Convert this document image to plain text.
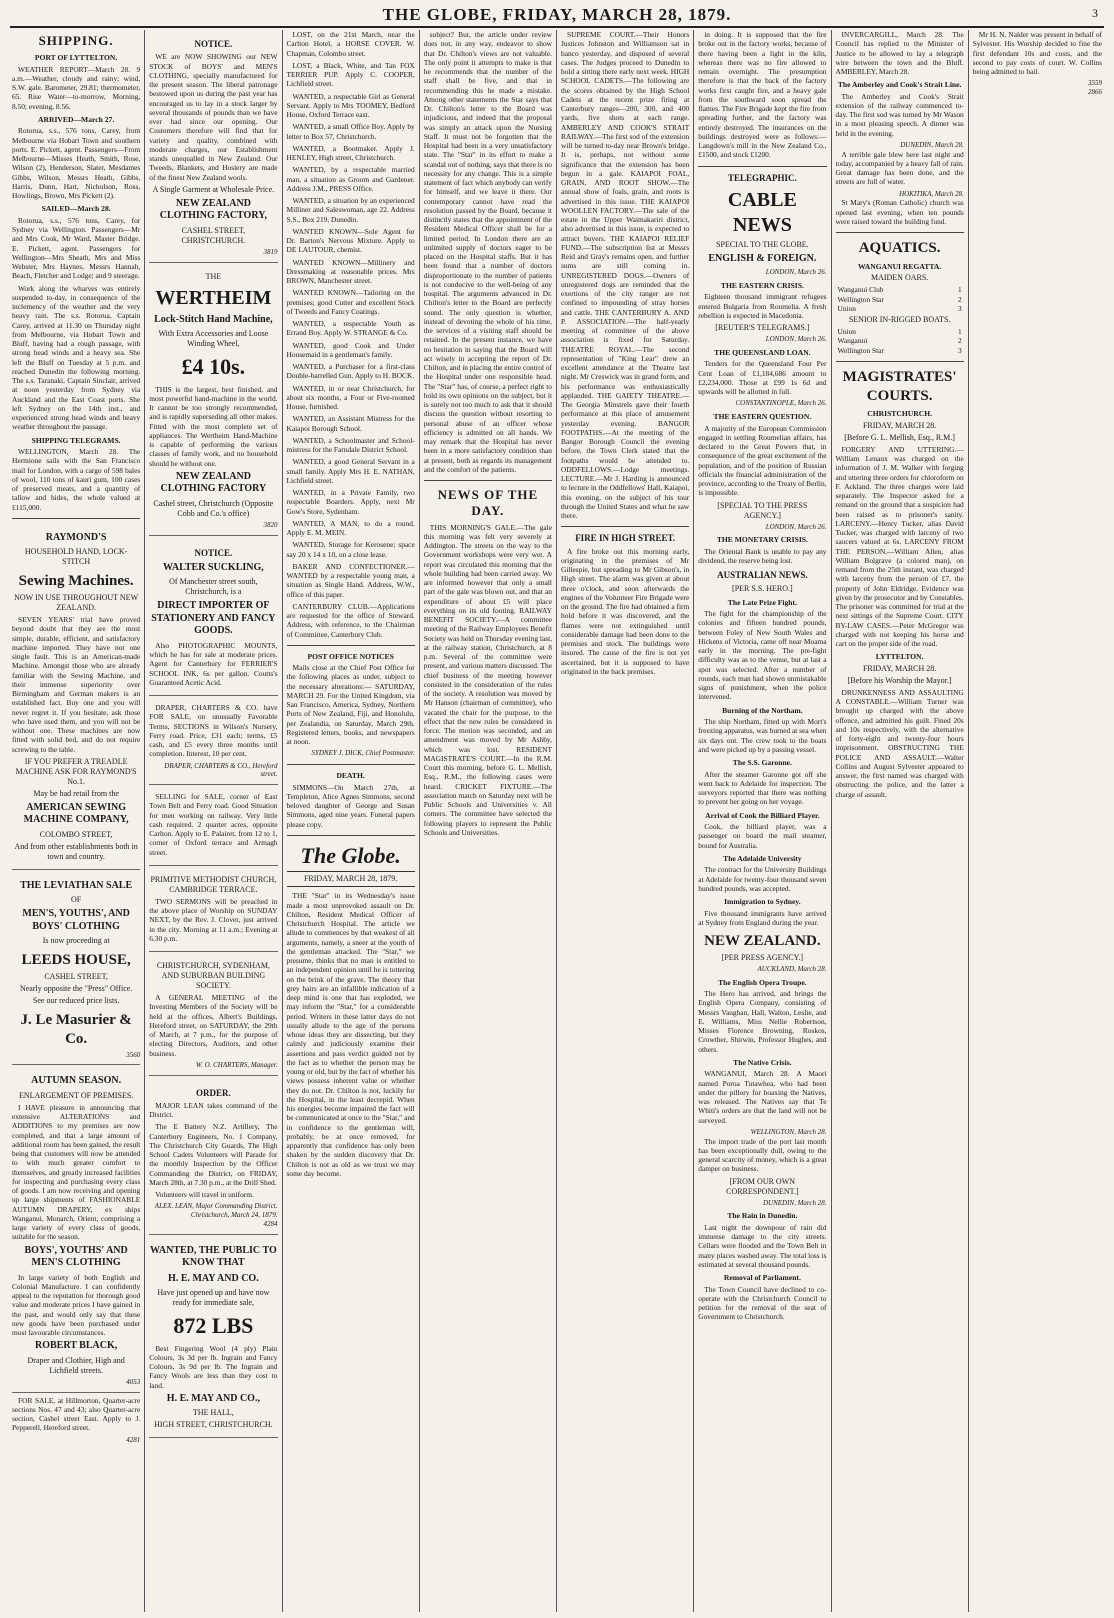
THE GLOBE, FRIDAY, MARCH 28, 1879.	3
SHIPPING.
PORT OF LYTTELTON.

WEATHER REPORT—March 28. 9 a.m.—Weather, cloudy and rainy; wind, S.W. gale. Barometer, 29.81; thermometer, 65. Rise Water—to-morrow, Morning, 8.50; evening, 8.56.

ARRIVED—March 27.

Rotorua, s.s., 576 tons, Carey, from Melbourne via Hobart Town and southern ports. E. Pickett, agent. Passengers—From Melbourne—Misses Heath, Smith, Rose, Wilson (2), Henderson, Slater, Mesdames Gibbs, Wilson, Messrs Heath, Gibbs, Harris, Dunn, Hart, Nicholson, Ross, Howlings, Brown, Mrs Pickett (2).

SAILED—March 28.

Rotorua, s.s., 576 tons, Carey, for Sydney via Wellington. Passengers—Mr and Mrs Cook, Mr Ward, Master Bridge. E. Pickett, agent. Passengers for Wellington—Mrs Sheath, Mrs and Miss Webster, Mrs Haynes, Messrs Hannah, Beach, Fletcher and Lodge; and 9 steerage.

Work along the wharves was entirely suspended to-day, in consequence of the inclemency of the weather and the very heavy rain. The s.s. Rotorua, Captain Carey, arrived at 11.30 on Thursday night from Melbourne, via Hobart Town and Bluff, having had a rough passage, with strong head winds and a heavy sea. She left the Bluff on Tuesday at 5 p.m. and reached Dunedin the following morning. The s.s. Taranaki, Captain Sinclair, arrived at noon yesterday from Sydney via Auckland and the East Coast ports. She left Sydney on the 14th inst., and experienced strong head winds and heavy weather throughout the passage.

SHIPPING TELEGRAMS.

WELLINGTON, March 28. The Hermione sails with the San Francisco mail for London, with a cargo of 598 bales of wool, 110 tons of kauri gum, 100 cases of preserved meats, and a quantity of tallow and hides, the whole valued at £115,000.

RAYMOND'S
HOUSEHOLD HAND, LOCK-STITCH
Sewing Machines.
NOW IN USE THROUGHOUT NEW ZEALAND.

SEVEN YEARS' trial have proved beyond doubt that they are the most simple, durable, efficient, and satisfactory machine imported. They have not one single fault. This is an American-made Machine. Amongst those who are already familiar with the Sewing Machine, and their immense superiority over Birmingham and German makers is an established fact. Buy one and you will never regret it. If you hesitate, ask those who have used them, and you will not be without one. These machines are now fitted with solid bed, and do not require screwing to the table.

IF YOU PREFER A TREADLE MACHINE ASK FOR RAYMOND'S No.1.
May be had retail from the
AMERICAN SEWING MACHINE COMPANY,
COLOMBO STREET,
And from other establishments both in town and country.
THE LEVIATHAN SALE
OF
MEN'S, YOUTHS', AND BOYS' CLOTHING
Is now proceeding at
LEEDS HOUSE,
CASHEL STREET,
Nearly opposite the "Press" Office.
See our reduced price lists.
J. Le Masurier & Co.
3560
AUTUMN SEASON.
ENLARGEMENT OF PREMISES.

I HAVE pleasure in announcing that extensive ALTERATIONS and ADDITIONS to my premises are now completed, and that a large amount of additional room has been gained, the result being that customers will now be attended to with much greater comfort to themselves, and greatly increased facilities for inspecting and purchasing every class of goods. I am now receiving and opening up large shipments of FASHIONABLE AUTUMN DRAPERY, ex ships Wanganui, Monarch, Orient, comprising a large variety of every class of goods, suitable for the season.

BOYS', YOUTHS' AND MEN'S CLOTHING

In large variety of both English and Colonial Manufacture. I can confidently appeal to the reputation for thorough good value and moderate prices I have gained in the past, and would only say that these new goods have been purchased under most favourable circumstances.

ROBERT BLACK,
Draper and Clothier, High and Lichfield streets.
4053

FOR SALE, at Hillmorton, Quarter-acre sections Nos. 47 and 43; also Quarter-acre section, Cashel street East. Apply to J. Pepperell, Hereford street.

4281
NOTICE.

WE are NOW SHOWING our NEW STOCK of BOYS' and MEN'S CLOTHING, specially manufactured for the present season. The liberal patronage bestowed upon us during the past year has encouraged us to lay in a stock larger by several thousands of pounds than we have ever had since our opening. Our Customers therefore will find that for variety and quality, combined with moderate charges, our Establishment stands unequalled in New Zealand. Our Tweeds, Blankets, and Hosiery are made of the finest New Zealand wools.

A Single Garment at Wholesale Price.
NEW ZEALAND CLOTHING FACTORY,
CASHEL STREET, CHRISTCHURCH.
3819
THE
WERTHEIM
Lock-Stitch Hand Machine,
With Extra Accessories and Loose Winding Wheel,
£4 10s.

THIS is the largest, best finished, and most powerful hand-machine in the world. It cannot be too strongly recommended, and is rapidly superseding all other makes. Fitted with the most complete set of appliances. The Wertheim Hand-Machine is capable of performing the various classes of family work, and no household should be without one.

NEW ZEALAND CLOTHING FACTORY
Cashel street, Christchurch (Opposite Cobb and Co.'s office)
3820
NOTICE.
WALTER SUCKLING,
Of Manchester street south, Christchurch, is a
DIRECT IMPORTER OF STATIONERY AND FANCY GOODS.

Also PHOTOGRAPHIC MOUNTS, which he has for sale at moderate prices. Agent for Canterbury for FERRIER'S SCHOOL INK, 6s per gallon. Coutts's Guaranteed Acetic Acid.

DRAPER, CHARTERS & CO. have FOR SALE, on unusually Favorable Terms, SECTIONS in Wilson's Nursery, Ferry road. Price, £31 each; terms, £5 cash, and £5 every three months until completion. Interest, 10 per cent.

DRAPER, CHARTERS & CO., Hereford street.

SELLING for SALE, corner of East Town Belt and Ferry road. Good Situation for men working on railway. Very little cash required. 2 quarter acres, opposite Carlton. Apply to E. Palairet, from 12 to 1, corner of Oxford terrace and Armagh street.

PRIMITIVE METHODIST CHURCH, CAMBRIDGE TERRACE.

TWO SERMONS will be preached in the above place of Worship on SUNDAY NEXT, by the Rev. J. Clover, just arrived in the city. Morning at 11 a.m.; Evening at 6.30 p.m.

CHRISTCHURCH, SYDENHAM, AND SUBURBAN BUILDING SOCIETY.

A GENERAL MEETING of the Investing Members of the Society will be held at the offices, Albert's Buildings, Hereford street, on SATURDAY, the 29th of March, at 7 p.m., for the purpose of electing Directors, Auditors, and other business.

W. O. CHARTERS, Manager.
ORDER.

MAJOR LEAN takes command of the District.

The E Battery N.Z. Artillery, The Canterbury Engineers, No. 1 Company, The Christchurch City Guards, The High School Cadets Volunteers will Parade for the monthly Inspection by the Officer Commanding the District, on FRIDAY, March 28th, at 7.30 p.m., at the Drill Shed.

Volunteers will travel in uniform.

ALEX. LEAN, Major Commanding District. Christchurch, March 24, 1879.
4284
WANTED, THE PUBLIC TO KNOW THAT
H. E. MAY AND CO.
Have just opened up and have now ready for immediate sale,
872 LBS

Best Fingering Wool (4 ply) Plain Colours, 3s 3d per lb. Ingrain and Fancy Colours, 3s 9d per lb. The Ingrain and Fancy Wools are less than they cost to land.

H. E. MAY AND CO.,
THE HALL,
HIGH STREET, CHRISTCHURCH.

LOST, on the 21st March, near the Carlton Hotel, a HORSE COVER. W. Chapman, Colombo street.

LOST, a Black, White, and Tan FOX TERRIER PUP. Apply C. COOPER, Lichfield street.

WANTED, a respectable Girl as General Servant. Apply to Mrs TOOMEY, Bedford House, Oxford Terrace east.

WANTED, a small Office Boy. Apply by letter to Box 57, Christchurch.

WANTED, a Bootmaker. Apply J. HENLEY, High street, Christchurch.

WANTED, by a respectable married man, a situation as Groom and Gardener. Address J.M., PRESS Office.

WANTED, a situation by an experienced Milliner and Saleswoman, age 22. Address S.S., Box 219, Dunedin.

WANTED KNOWN—Sole Agent for Dr. Barton's Nervous Mixture. Apply to DE LAUTOUR, chemist.

WANTED KNOWN—Millinery and Dressmaking at reasonable prices. Mrs BROWN, Manchester street.

WANTED KNOWN—Tailoring on the premises; good Cutter and excellent Stock of Tweeds and Fancy Coatings.

WANTED, a respectable Youth as Errand Boy. Apply W. STRANGE & Co.

WANTED, good Cook and Under Housemaid in a gentleman's family.

WANTED, a Purchaser for a first-class Double-barrelled Gun. Apply to H. BOCK.

WANTED, in or near Christchurch, for about six months, a Four or Five-roomed House, furnished.

WANTED, an Assistant Mistress for the Kaiapoi Borough School.

WANTED, a Schoolmaster and School-mistress for the Farndale District School.

WANTED, a good General Servant in a small family. Apply Mrs H. E. NATHAN, Lichfield street.

WANTED, in a Private Family, two respectable Boarders. Apply, next Mr Gow's Store, Sydenham.

WANTED, A MAN, to do a round. Apply E. M. MEIN.

WANTED, Storage for Kerosene; space say 20 x 14 x 10, on a close lease.

BAKER AND CONFECTIONER.—WANTED by a respectable young man, a situation as Single Hand. Address, W.W., office of this paper.

CANTERBURY CLUB.—Applications are requested for the office of Steward. Address, with reference, to the Chairman of Committee, Canterbury Club.

POST OFFICE NOTICES

Mails close at the Chief Post Office for the following places as under, subject to the necessary alterations:— SATURDAY, MARCH 29. For the United Kingdom, via San Francisco, America, Sydney, Northern Ports of New Zealand, Fiji, and Honolulu, per Zealandia, on Saturday, March 29th. Registered letters, books, and newspapers at noon.

SYDNEY J. DICK, Chief Postmaster.
DEATH.

SIMMONS—On March 27th, at Templeton, Alice Agnes Simmons, second beloved daughter of George and Susan Simmons, aged nine years. Funeral papers please copy.

The Globe.
FRIDAY, MARCH 28, 1879.

THE "Star" in its Wednesday's issue made a most unprovoked assault on Dr. Chilton, Resident Medical Officer of Christchurch Hospital. The article we allude to commences by that weakest of all arguments, namely, a sneer at the youth of the gentleman attacked. The "Star," we presume, thinks that no man is entitled to an independent opinion until he is tottering on the brink of the grave. The theory that grey hairs are an infallible indication of a deep mind is one that has exploded, we may inform the "Star," for a considerable period. Writers in these latter days do not usually allude to the age of the persons whose ideas they are dissecting, but they calmly and judiciously examine their assertions and pass verdict guided not by the fact as to whether the person may be young or old, but by the fact of whether his views possess inherent value or whether they do not. Dr. Chilton is not, luckily for the Hospital, in the least decrepid. When his energies become impaired the fact will be communicated at once to the "Star," and in confidence to the gentleman will, probably, be at once removed, for apparently that confidence has only been shaken by the sudden discovery that Dr. Chilton is not as old as we trust we may some day become.

subject? But, the article under review does not, in any way, endeavor to show that Dr. Chilton's views are not valuable. The only point it attempts to make is that he recommends that the number of the staff shall be five, and that in recommending this he made a mistake. Among other statements the Star says that Dr. Chilton's letter to the Board was injudicious, and indeed that the proposal was simply an attack upon the Nursing Staff. It must not be forgotten that the Hospital had been in a very unsatisfactory state. The "Star" in its effort to make a scandal out of nothing, says that there is no necessity for any change. This is a simple statement of fact which anybody can verify for himself, and we leave it there. Our contemporary cannot have read the resolution passed by the Board, because it distinctly states that the appointment of the Resident Medical Officer shall be for a limited period. In London there are an unlimited supply of doctors eager to be placed on the Hospital staffs. But it has been found that a number of doctors disproportionate to the number of patients is not conducive to the well-being of any hospital. The arguments advanced in Dr. Chilton's letter to the Board are perfectly sound. The only question is whether, instead of devoting the whole of his time, the services of a visiting staff should be retained. In the present instance, we have no hesitation in saying that the Board will act wisely in accepting the report of Dr. Chilton, and in placing the entire control of the Hospital under one responsible head. The "Star" has, of course, a perfect right to hold its own opinions on the subject, but it is surely not too much to ask that it should discuss the question without resorting to personal abuse of an officer whose efficiency is admitted on all hands. We may remark that the Hospital has never been in a more satisfactory condition than at present, both as regards its management and the comfort of the patients.

NEWS OF THE DAY.

THIS MORNING'S GALE.—The gale this morning was felt very severely at Addington. The streets on the way to the Government workshops were very wet. A report was circulated this morning that the whole building had been carried away. We are informed however that only a small part of the gale was blown out, and that an expenditure of about £5 will place everything on its old footing. RAILWAY BENEFIT SOCIETY.—A committee meeting of the Railway Employees Benefit Society was held on Thursday evening last, at the railway station, Christchurch, at 8 p.m. Several of the committee were present, and various matters discussed. The chief business of the meeting however consisted in the consideration of the rules of the society. A resolution was moved by Mr Hanson (chairman of committee), who vacated the chair for the purpose, to the effect that the new rules be considered in force. The motion was seconded, and an amendment was moved by Mr Ashby, which was lost. RESIDENT MAGISTRATE'S COURT.—In the R.M. Court this morning, before G. L. Mellish, Esq., R.M., the following cases were heard. CRICKET FIXTURE.—The association match on Saturday next will be Public Schools and Universities v. All comers. The committee have selected the following players to represent the Public Schools and Universities.

SUPREME COURT.—Their Honors Justices Johnston and Williamson sat in banco yesterday, and disposed of several cases. The Judges proceed to Dunedin to hold a sitting there early next week. HIGH SCHOOL CADETS.—The following are the scores obtained by the High School Cadets at the recent prize firing at Canterbury ranges—200, 300, and 400 yards, five shots at each range. AMBERLEY AND COOK'S STRAIT RAILWAY.—The first sod of the extension will be turned to-day near Brown's bridge. It is, perhaps, not without some significance that the extension has been begun in a gale. KAIAPOI FOAL, GRAIN, AND ROOT SHOW.—The annual show of foals, grain, and roots is advertised in this issue. THE KAIAPOI WOOLLEN FACTORY.—The sale of the estate in the Upper Waimakariri district, also advertised in this issue, is expected to attract buyers. THE KAIAPOI RELIEF FUND.—The subscription list at Messrs Reid and Gray's remains open, and further sums are still coming in. UNREGISTERED DOGS.—Owners of unregistered dogs are reminded that the exertions of the city ranger are not confined to impounding of stray horses and cattle. THE CANTERBURY A. AND P. ASSOCIATION.—The half-yearly meeting of committee of the above association is fixed for Saturday. THEATRE ROYAL.—The second representation of "King Lear" drew an excellent attendance at the Theatre last night. Mr Creswick was in grand form, and his performance was enthusiastically applauded. THE GAIETY THEATRE.—The Georgia Minstrels gave their fourth performance at this place of amusement yesterday evening. BANGOR FOOTPATHS.—At the meeting of the Bangor Borough Council the evening before, the Town Clerk stated that the footpaths would be attended to. ODDFELLOWS.—Lodge meetings. LECTURE.—Mr J. Harding is announced to lecture in the Oddfellows' Hall, Kaiapoi, this evening, on the subject of his tour through the United States and what he saw there.

FIRE IN HIGH STREET.

A fire broke out this morning early, originating in the premises of Mr Gillespie, but spreading to Mr Gibson's, in High street. The alarm was given at about three o'clock, and soon afterwards the engines of the Volunteer Fire Brigade were on the ground. The fire had obtained a firm hold before it was discovered, and the flames were not extinguished until considerable damage had been done to the premises and stock. The buildings were insured. The cause of the fire is not yet ascertained, but it is supposed to have originated in the back premises.

in doing. It is supposed that the fire broke out in the factory works, because of there having been a light in the kiln, whereas there was no fire allowed to remain overnight. The presumption therefore is that the back of the factory works first caught fire, and a heavy gale from the southward soon spread the flames. The Fire Brigade kept the fire from spreading further, and the factory was entirely destroyed. The insurances on the buildings destroyed were as follows:—Langdown's mill in the New Zealand Co., £1500, and stock £1200.

TELEGRAPHIC.
CABLE NEWS
SPECIAL TO THE GLOBE.
ENGLISH & FOREIGN.
LONDON, March 26.
THE EASTERN CRISIS.

Eighteen thousand immigrant refugees entered Bulgaria from Roumelia. A fresh rebellion is expected in Macedonia.

[REUTER'S TELEGRAMS.]
LONDON, March 26.
THE QUEENSLAND LOAN.

Tenders for the Queensland Four Per Cent Loan of £1,184,686 amount to £2,234,000. Those at £99 1s 6d and upwards will be allotted in full.

CONSTANTINOPLE, March 26.
THE EASTERN QUESTION.

A majority of the European Commission engaged in settling Roumelian affairs, has declared to the Great Powers that, in consequence of the great excitement of the population, and of the position of Russian officials the financial administration of the province, according to the Treaty of Berlin, is impossible.

[SPECIAL TO THE PRESS AGENCY.]
LONDON, March 26.
THE MONETARY CRISIS.

The Oriental Bank is unable to pay any dividend, the reserve being lost.

AUSTRALIAN NEWS.
[PER S.S. HERO.]
The Late Prize Fight.

The fight for the championship of the colonies and fifteen hundred pounds, between Foley of New South Wales and Hickens of Victoria, came off near Moama early in the morning. The pre-fight difficulty was as to the venue, but at last a spot was selected. After a number of rounds, each man had shown unmistakable signs of punishment, when the police intervened.

Burning of the Northam.

The ship Northam, fitted up with Mort's freezing apparatus, was burned at sea when six days out. The crew took to the boats and were picked up by a passing vessel.

The S.S. Garonne.

After the steamer Garonne got off she went back to Adelaide for inspection. The surveyors reported that there was nothing to prevent her going on her voyage.

Arrival of Cook the Billiard Player.

Cook, the billiard player, was a passenger on board the mail steamer, bound for Australia.

The Adelaide University

The contract for the University Buildings at Adelaide for twenty-four thousand seven hundred pounds, was accepted.

Immigration to Sydney.

Five thousand immigrants have arrived at Sydney from England during the year.

NEW ZEALAND.
[PER PRESS AGENCY.]
AUCKLAND, March 28.
The English Opera Troupe.

The Hero has arrived, and brings the English Opera Company, consisting of Messrs Vaughan, Hall, Walton, Leslie, and E. Williams, Miss Nellie Robertson, Misses Florence Browning, Roskos, Crowther, Shirwin, Professor Hughes, and others.

The Native Crisis.

WANGANUI, March 28. A Maori named Poroa Tutawhea, who had been under the pillory for hoaxing the Natives, was released. The Natives say that Te Whiti's orders are that the land will not be surveyed.

WELLINGTON, March 28.

The import trade of the port last month has been exceptionally dull, owing to the general scarcity of money, which is a great damper on business.

[FROM OUR OWN CORRESPONDENT.]
DUNEDIN, March 28.
The Rain in Dunedin.

Last night the downpour of rain did immense damage to the city streets. Cellars were flooded and the Town Belt in many places washed away. The total loss is estimated at several thousand pounds.

Removal of Parliament.

The Town Council have declined to co-operate with the Christchurch Council to petition for the removal of the seat of Government to Christchurch.

INVERCARGILL, March 28. The Council has replied to the Minister of Justice to be allowed to lay a telegraph wire between the town and the Bluff. AMBERLEY, March 28.

The Amberley and Cook's Strait Line.

The Amberley and Cook's Strait extension of the railway commenced to-day. The first sod was turned by Mr Wason in a most pleasing speech. A dinner was held in the evening.

DUNEDIN, March 28.

A terrible gale blew here last night and today, accompanied by a heavy fall of rain. Great damage has been done, and the streets are full of water.

HOKITIKA, March 28.

St Mary's (Roman Catholic) church was opened last evening, when ten pounds were raised toward the building fund.

AQUATICS.
WANGANUI REGATTA.
MAIDEN OARS.
Wanganui Club	1
Wellington Star	2
Union	3
SENIOR IN-RIGGED BOATS.
Union	1
Wanganui	2
Wellington Star	3
MAGISTRATES' COURTS.
CHRISTCHURCH.
FRIDAY, MARCH 28.
[Before G. L. Mellish, Esq., R.M.]

FORGERY AND UTTERING.—William Lenaux was charged on the information of J. M. Walker with forging and uttering three orders for chloroform on F. Ackland. The three charges were laid separately. The Inspector asked for a remand on the ground that a suspicion had been raised as to prisoner's sanity. LARCENY.—Henry Tucker, alias David Tucker, was charged with larceny of two saucers valued at 6s. LARCENY FROM THE PERSON.—William Allen, alias William Bolgrave (a colored man), on remand from the 25th instant, was charged with larceny from the person of £7, the property of John Eldridge. Evidence was given by the prosecutor and by Constables. The prisoner was committed for trial at the next sittings of the Supreme Court. CITY BY-LAW CASES.—Peter McGregor was charged with not keeping his horse and cart on the proper side of the road.

LYTTELTON.
FRIDAY, MARCH 28.
[Before his Worship the Mayor.]

DRUNKENNESS AND ASSAULTING A CONSTABLE.—William Turner was brought up charged with the above offence, and admitted his guilt. Fined 20s and 10s respectively, with the alternative of forty-eight and twenty-four hours imprisonment. OBSTRUCTING THE POLICE AND ASSAULT.—Walter Collins and August Sylvester appeared to answer, the first named was charged with obstructing the police, and the latter a charge of assault.

Mr H. N. Nalder was present in behalf of Sylvester. His Worship decided to fine the first defendant 10s and costs, and the second to pay costs of court. W. Collins being admitted to bail.

3559
2866
